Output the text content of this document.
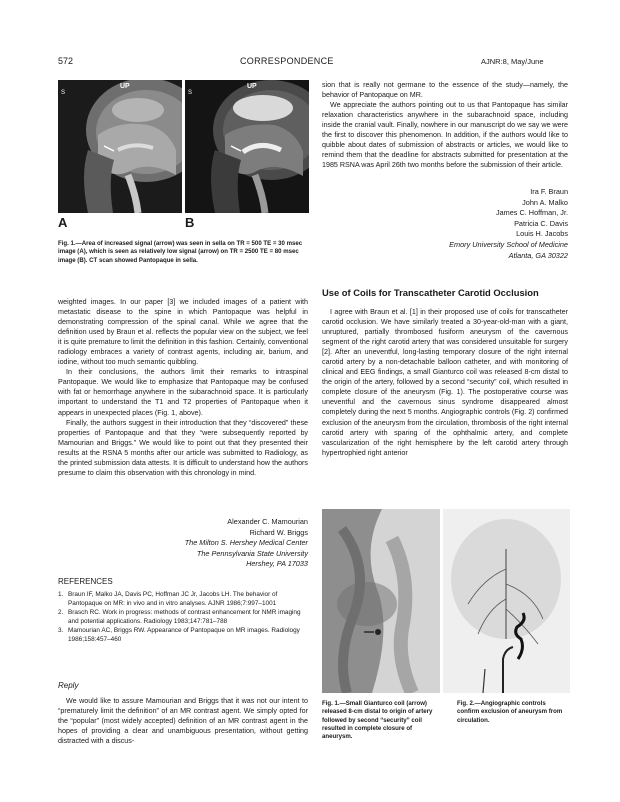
572	CORRESPONDENCE	AJNR:8, May/June
UP
S
UP
S
A	B

Fig. 1.—Area of increased signal (arrow) was seen in sella on TR = 500 TE = 30 msec image (A), which is seen as relatively low signal (arrow) on TR = 2500 TE = 80 msec image (B). CT scan showed Pantopaque in sella.

weighted images. In our paper [3] we included images of a patient with metastatic disease to the spine in which Pantopaque was helpful in demonstrating compression of the spinal canal. While we agree that the definition used by Braun et al. reflects the popular view on the subject, we feel it is quite premature to limit the definition in this fashion. Certainly, conventional radiology embraces a variety of contrast agents, including air, barium, and iodine, without too much semantic quibbling.

In their conclusions, the authors limit their remarks to intraspinal Pantopaque. We would like to emphasize that Pantopaque may be confused with fat or hemorrhage anywhere in the subarachnoid space. It is particularly important to understand the T1 and T2 properties of Pantopaque when it appears in unexpected places (Fig. 1, above).

Finally, the authors suggest in their introduction that they “discovered” these properties of Pantopaque and that they “were subsequently reported by Mamourian and Briggs.” We would like to point out that they presented their results at the RSNA 5 months after our article was submitted to Radiology, as the printed submission data attests. It is difficult to understand how the authors presume to claim this observation with this chronology in mind.

Alexander C. Mamourian
Richard W. Briggs
The Milton S. Hershey Medical Center
The Pennsylvania State University
Hershey, PA 17033
REFERENCES
1. Braun IF, Malko JA, Davis PC, Hoffman JC Jr, Jacobs LH. The behavior of Pantopaque on MR: in vivo and in vitro analyses. AJNR 1986;7:997–1001
2. Brasch RC. Work in progress: methods of contrast enhancement for NMR imaging and potential applications. Radiology 1983;147:781–788
3. Mamourian AC, Briggs RW. Appearance of Pantopaque on MR images. Radiology 1986;158:457–460
Reply

We would like to assure Mamourian and Briggs that it was not our intent to “prematurely limit the definition” of an MR contrast agent. We simply opted for the “popular” (most widely accepted) definition of an MR contrast agent in the hopes of providing a clear and unambiguous presentation, without getting distracted with a discus-

sion that is really not germane to the essence of the study—namely, the behavior of Pantopaque on MR.

We appreciate the authors pointing out to us that Pantopaque has similar relaxation characteristics anywhere in the subarachnoid space, including inside the cranial vault. Finally, nowhere in our manuscript do we say we were the first to discover this phenomenon. In addition, if the authors would like to quibble about dates of submission of abstracts or articles, we would like to remind them that the deadline for abstracts submitted for presentation at the 1985 RSNA was April 26th two months before the submission of their article.

Ira F. Braun
John A. Malko
James C. Hoffman, Jr.
Patricia C. Davis
Louis H. Jacobs
Emory University School of Medicine
Atlanta, GA 30322
Use of Coils for Transcatheter Carotid Occlusion

I agree with Braun et al. [1] in their proposed use of coils for transcatheter carotid occlusion. We have similarly treated a 30-year-old-man with a giant, unruptured, partially thrombosed fusiform aneurysm of the cavernous segment of the right carotid artery that was considered unsuitable for surgery [2]. After an uneventful, long-lasting temporary closure of the right internal carotid artery by a non-detachable balloon catheter, and with monitoring of clinical and EEG findings, a small Gianturco coil was released 8-cm distal to the origin of the artery, followed by a second “security” coil, which resulted in complete closure of the aneurysm (Fig. 1). The postoperative course was uneventful and the cavernous sinus syndrome disappeared almost completely during the next 5 months. Angiographic controls (Fig. 2) confirmed exclusion of the aneurysm from the circulation, thrombosis of the right internal carotid artery with sparing of the ophthalmic artery, and complete vascularization of the right hemisphere by the left carotid artery through hypertrophied right anterior

Fig. 1.—Small Gianturco coil (arrow) released 8-cm distal to origin of artery followed by second “security” coil resulted in complete closure of aneurysm.

Fig. 2.—Angiographic controls confirm exclusion of aneurysm from circulation.
